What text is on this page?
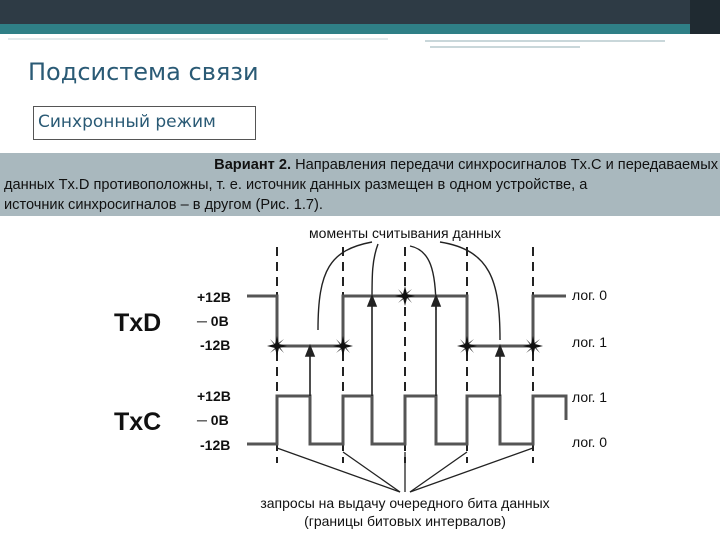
Подсистема связи
Синхронный режим

Вариант 2. Направления передачи синхросигналов Tx.C и передаваемых

данных Tx.D противоположны, т. е. источник данных размещен в одном устройстве, а

источник синхросигналов – в другом (Рис. 1.7).

моменты считывания данных
TxD
+12В
─ 0В
-12В
лог. 0
лог. 1
TxC
+12В
─ 0В
-12В
лог. 1
лог. 0
запросы на выдачу очередного бита данных
(границы битовых интервалов)
